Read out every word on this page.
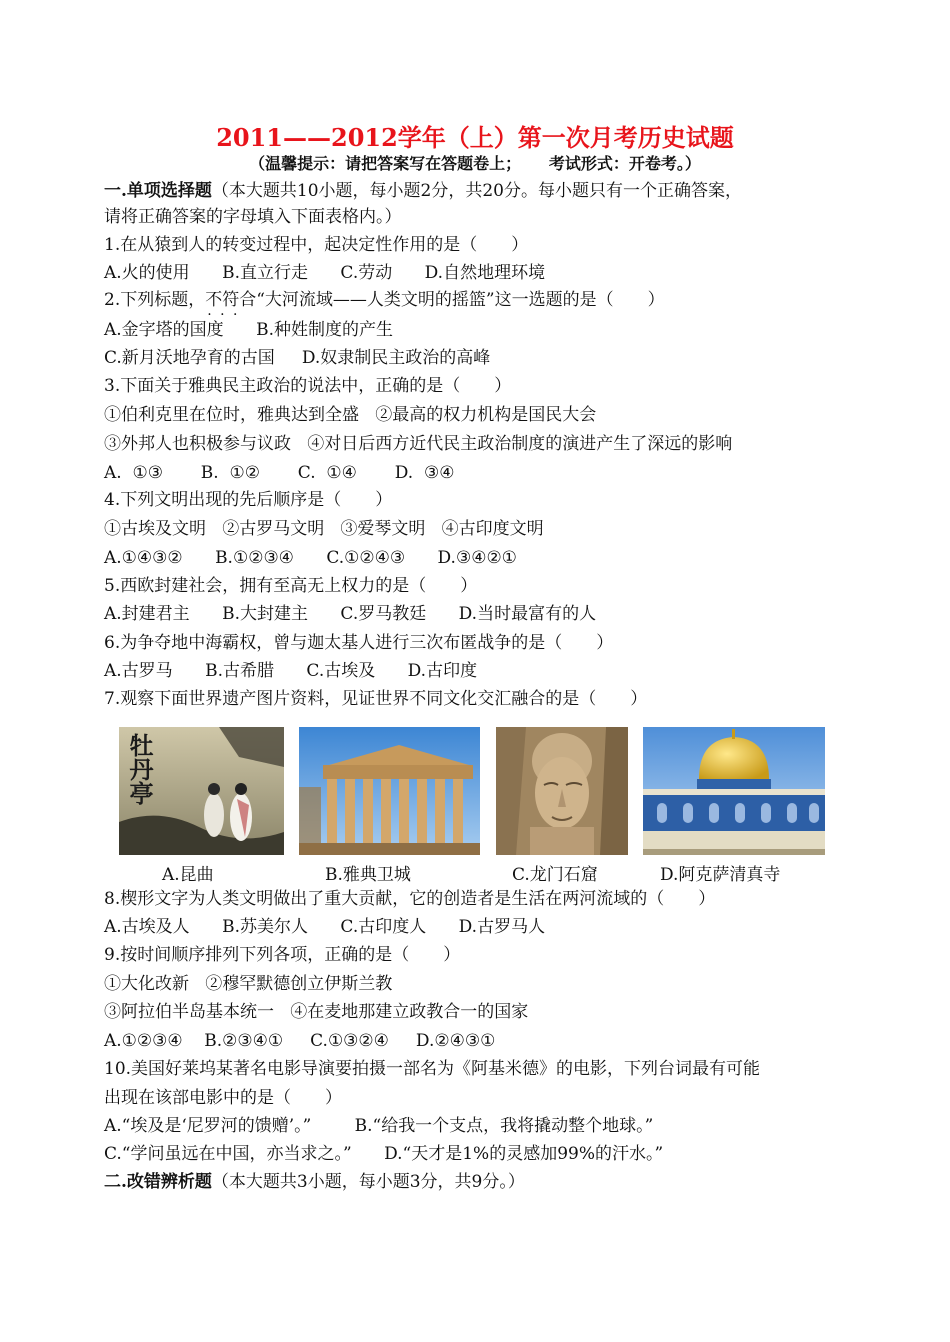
2011——2012学年（上）第一次月考历史试题
（温馨提示：请把答案写在答题卷上；     考试形式：开卷考。）
一.单项选择题（本大题共10小题，每小题2分，共20分。每小题只有一个正确答案，
请将正确答案的字母填入下面表格内。）
1.在从猿到人的转变过程中，起决定性作用的是（　　）
A.火的使用      B.直立行走      C.劳动      D.自然地理环境
2.下列标题，不符合 · · ·“大河流域——人类文明的摇篮”这一选题的是（　　）
A.金字塔的国度      B.种姓制度的产生
C.新月沃地孕育的古国     D.奴隶制民主政治的高峰
3.下面关于雅典民主政治的说法中，正确的是（　　）
①伯利克里在位时，雅典达到全盛   ②最高的权力机构是国民大会
③外邦人也积极参与议政   ④对日后西方近代民主政治制度的演进产生了深远的影响
A.  ①③       B.  ①②       C.  ①④       D.  ③④
4.下列文明出现的先后顺序是（　　）
①古埃及文明   ②古罗马文明   ③爱琴文明   ④古印度文明
A.①④③②      B.①②③④      C.①②④③      D.③④②①
5.西欧封建社会，拥有至高无上权力的是（　　）
A.封建君主      B.大封建主      C.罗马教廷      D.当时最富有的人
6.为争夺地中海霸权，曾与迦太基人进行三次布匿战争的是（　　）
A.古罗马      B.古希腊      C.古埃及      D.古印度
7.观察下面世界遗产图片资料，见证世界不同文化交汇融合的是（　　）
牡丹亭
A.昆曲	B.雅典卫城	C.龙门石窟	D.阿克萨清真寺
8.楔形文字为人类文明做出了重大贡献，它的创造者是生活在两河流域的（　　）
A.古埃及人      B.苏美尔人      C.古印度人      D.古罗马人
9.按时间顺序排列下列各项，正确的是（　　）
①大化改新   ②穆罕默德创立伊斯兰教
③阿拉伯半岛基本统一   ④在麦地那建立政教合一的国家
A.①②③④    B.②③④①     C.①③②④     D.②④③①
10.美国好莱坞某著名电影导演要拍摄一部名为《阿基米德》的电影，下列台词最有可能
出现在该部电影中的是（　　）
A.“埃及是‘尼罗河的馈赠’。”        B.“给我一个支点，我将撬动整个地球。”
C.“学问虽远在中国，亦当求之。”      D.“天才是1%的灵感加99%的汗水。”
二.改错辨析题（本大题共3小题，每小题3分，共9分。）
